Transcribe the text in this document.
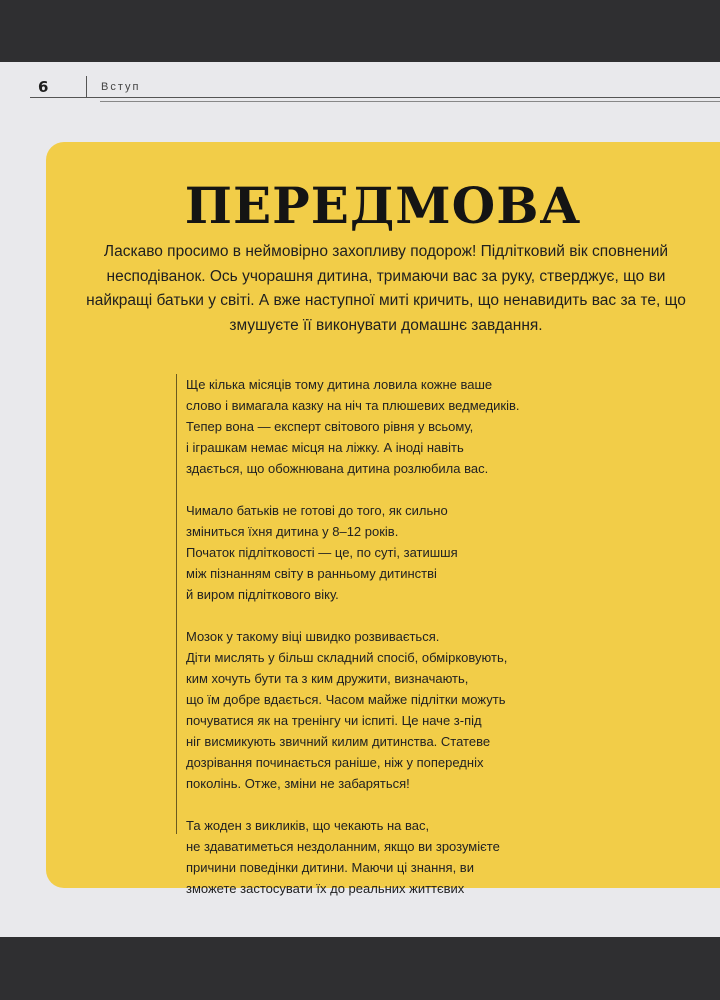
6	Вступ
ПЕРЕДМОВА

Ласкаво просимо в неймовірно захопливу подорож! Підлітковий вік сповнений несподіванок. Ось учорашня дитина, тримаючи вас за руку, стверджує, що ви найкращі батьки у світі. А вже наступної миті кричить, що ненавидить вас за те, що змушуєте її виконувати домашнє завдання.

Ще кілька місяців тому дитина ловила кожне ваше
слово і вимагала казку на ніч та плюшевих ведмедиків.
Тепер вона — експерт світового рівня у всьому,
і іграшкам немає місця на ліжку. А іноді навіть
здається, що обожнювана дитина розлюбила вас.

Чимало батьків не готові до того, як сильно
зміниться їхня дитина у 8–12 років.
Початок підлітковості — це, по суті, затишшя
між пізнанням світу в ранньому дитинстві
й виром підліткового віку.

Мозок у такому віці швидко розвивається.
Діти мислять у більш складний спосіб, обмірковують,
ким хочуть бути та з ким дружити, визначають,
що їм добре вдається. Часом майже підлітки можуть
почуватися як на тренінгу чи іспиті. Це наче з-під
ніг висмикують звичний килим дитинства. Статеве
дозрівання починається раніше, ніж у попередніх
поколінь. Отже, зміни не забаряться!

Та жоден з викликів, що чекають на вас,
не здаватиметься нездоланним, якщо ви зрозумієте
причини поведінки дитини. Маючи ці знання, ви
зможете застосувати їх до реальних життєвих
